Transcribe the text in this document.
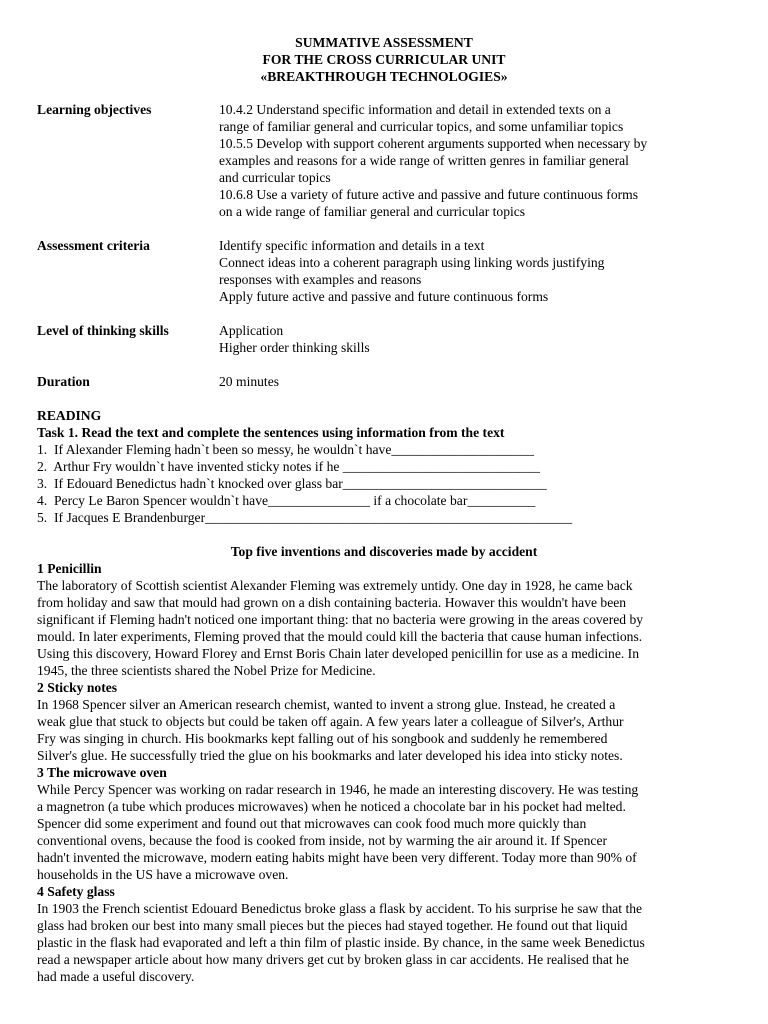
SUMMATIVE ASSESSMENT
FOR THE CROSS CURRICULAR UNIT
«BREAKTHROUGH TECHNOLOGIES»
Learning objectives	10.4.2 Understand specific information and detail in extended texts on a
range of familiar general and curricular topics, and some unfamiliar topics
10.5.5 Develop with support coherent arguments supported when necessary by
examples and reasons for a wide range of written genres in familiar general
and curricular topics
10.6.8 Use a variety of future active and passive and future continuous forms
on a wide range of familiar general and curricular topics
Assessment criteria	Identify specific information and details in a text
Connect ideas into a coherent paragraph using linking words justifying
responses with examples and reasons
Apply future active and passive and future continuous forms
Level of thinking skills	Application
Higher order thinking skills
Duration	20 minutes
READING
Task 1. Read the text and complete the sentences using information from the text
1.  If Alexander Fleming hadn`t been so messy, he wouldn`t have_____________________
2.  Arthur Fry wouldn`t have invented sticky notes if he _____________________________
3.  If Edouard Benedictus hadn`t knocked over glass bar______________________________
4.  Percy Le Baron Spencer wouldn`t have_______________ if a chocolate bar__________
5.  If Jacques E Brandenburger______________________________________________________
Top five inventions and discoveries made by accident
1 Penicillin
The laboratory of Scottish scientist Alexander Fleming was extremely untidy. One day in 1928, he came back
from holiday and saw that mould had grown on a dish containing bacteria. Howaver this wouldn't have been
significant if Fleming hadn't noticed one important thing: that no bacteria were growing in the areas covered by
mould. In later experiments, Fleming proved that the mould could kill the bacteria that cause human infections.
Using this discovery, Howard Florey and Ernst Boris Chain later developed penicillin for use as a medicine. In
1945, the three scientists shared the Nobel Prize for Medicine.
2 Sticky notes
In 1968 Spencer silver an American research chemist, wanted to invent a strong glue. Instead, he created a
weak glue that stuck to objects but could be taken off again. A few years later a colleague of Silver's, Arthur
Fry was singing in church. His bookmarks kept falling out of his songbook and suddenly he remembered
Silver's glue. He successfully tried the glue on his bookmarks and later developed his idea into sticky notes.
3 The microwave oven
While Percy Spencer was working on radar research in 1946, he made an interesting discovery. He was testing
a magnetron (a tube which produces microwaves) when he noticed a chocolate bar in his pocket had melted.
Spencer did some experiment and found out that microwaves can cook food much more quickly than
conventional ovens, because the food is cooked from inside, not by warming the air around it. If Spencer
hadn't invented the microwave, modern eating habits might have been very different. Today more than 90% of
households in the US have a microwave oven.
4 Safety glass
In 1903 the French scientist Edouard Benedictus broke glass a flask by accident. To his surprise he saw that the
glass had broken our best into many small pieces but the pieces had stayed together. He found out that liquid
plastic in the flask had evaporated and left a thin film of plastic inside. By chance, in the same week Benedictus
read a newspaper article about how many drivers get cut by broken glass in car accidents. He realised that he
had made a useful discovery.
